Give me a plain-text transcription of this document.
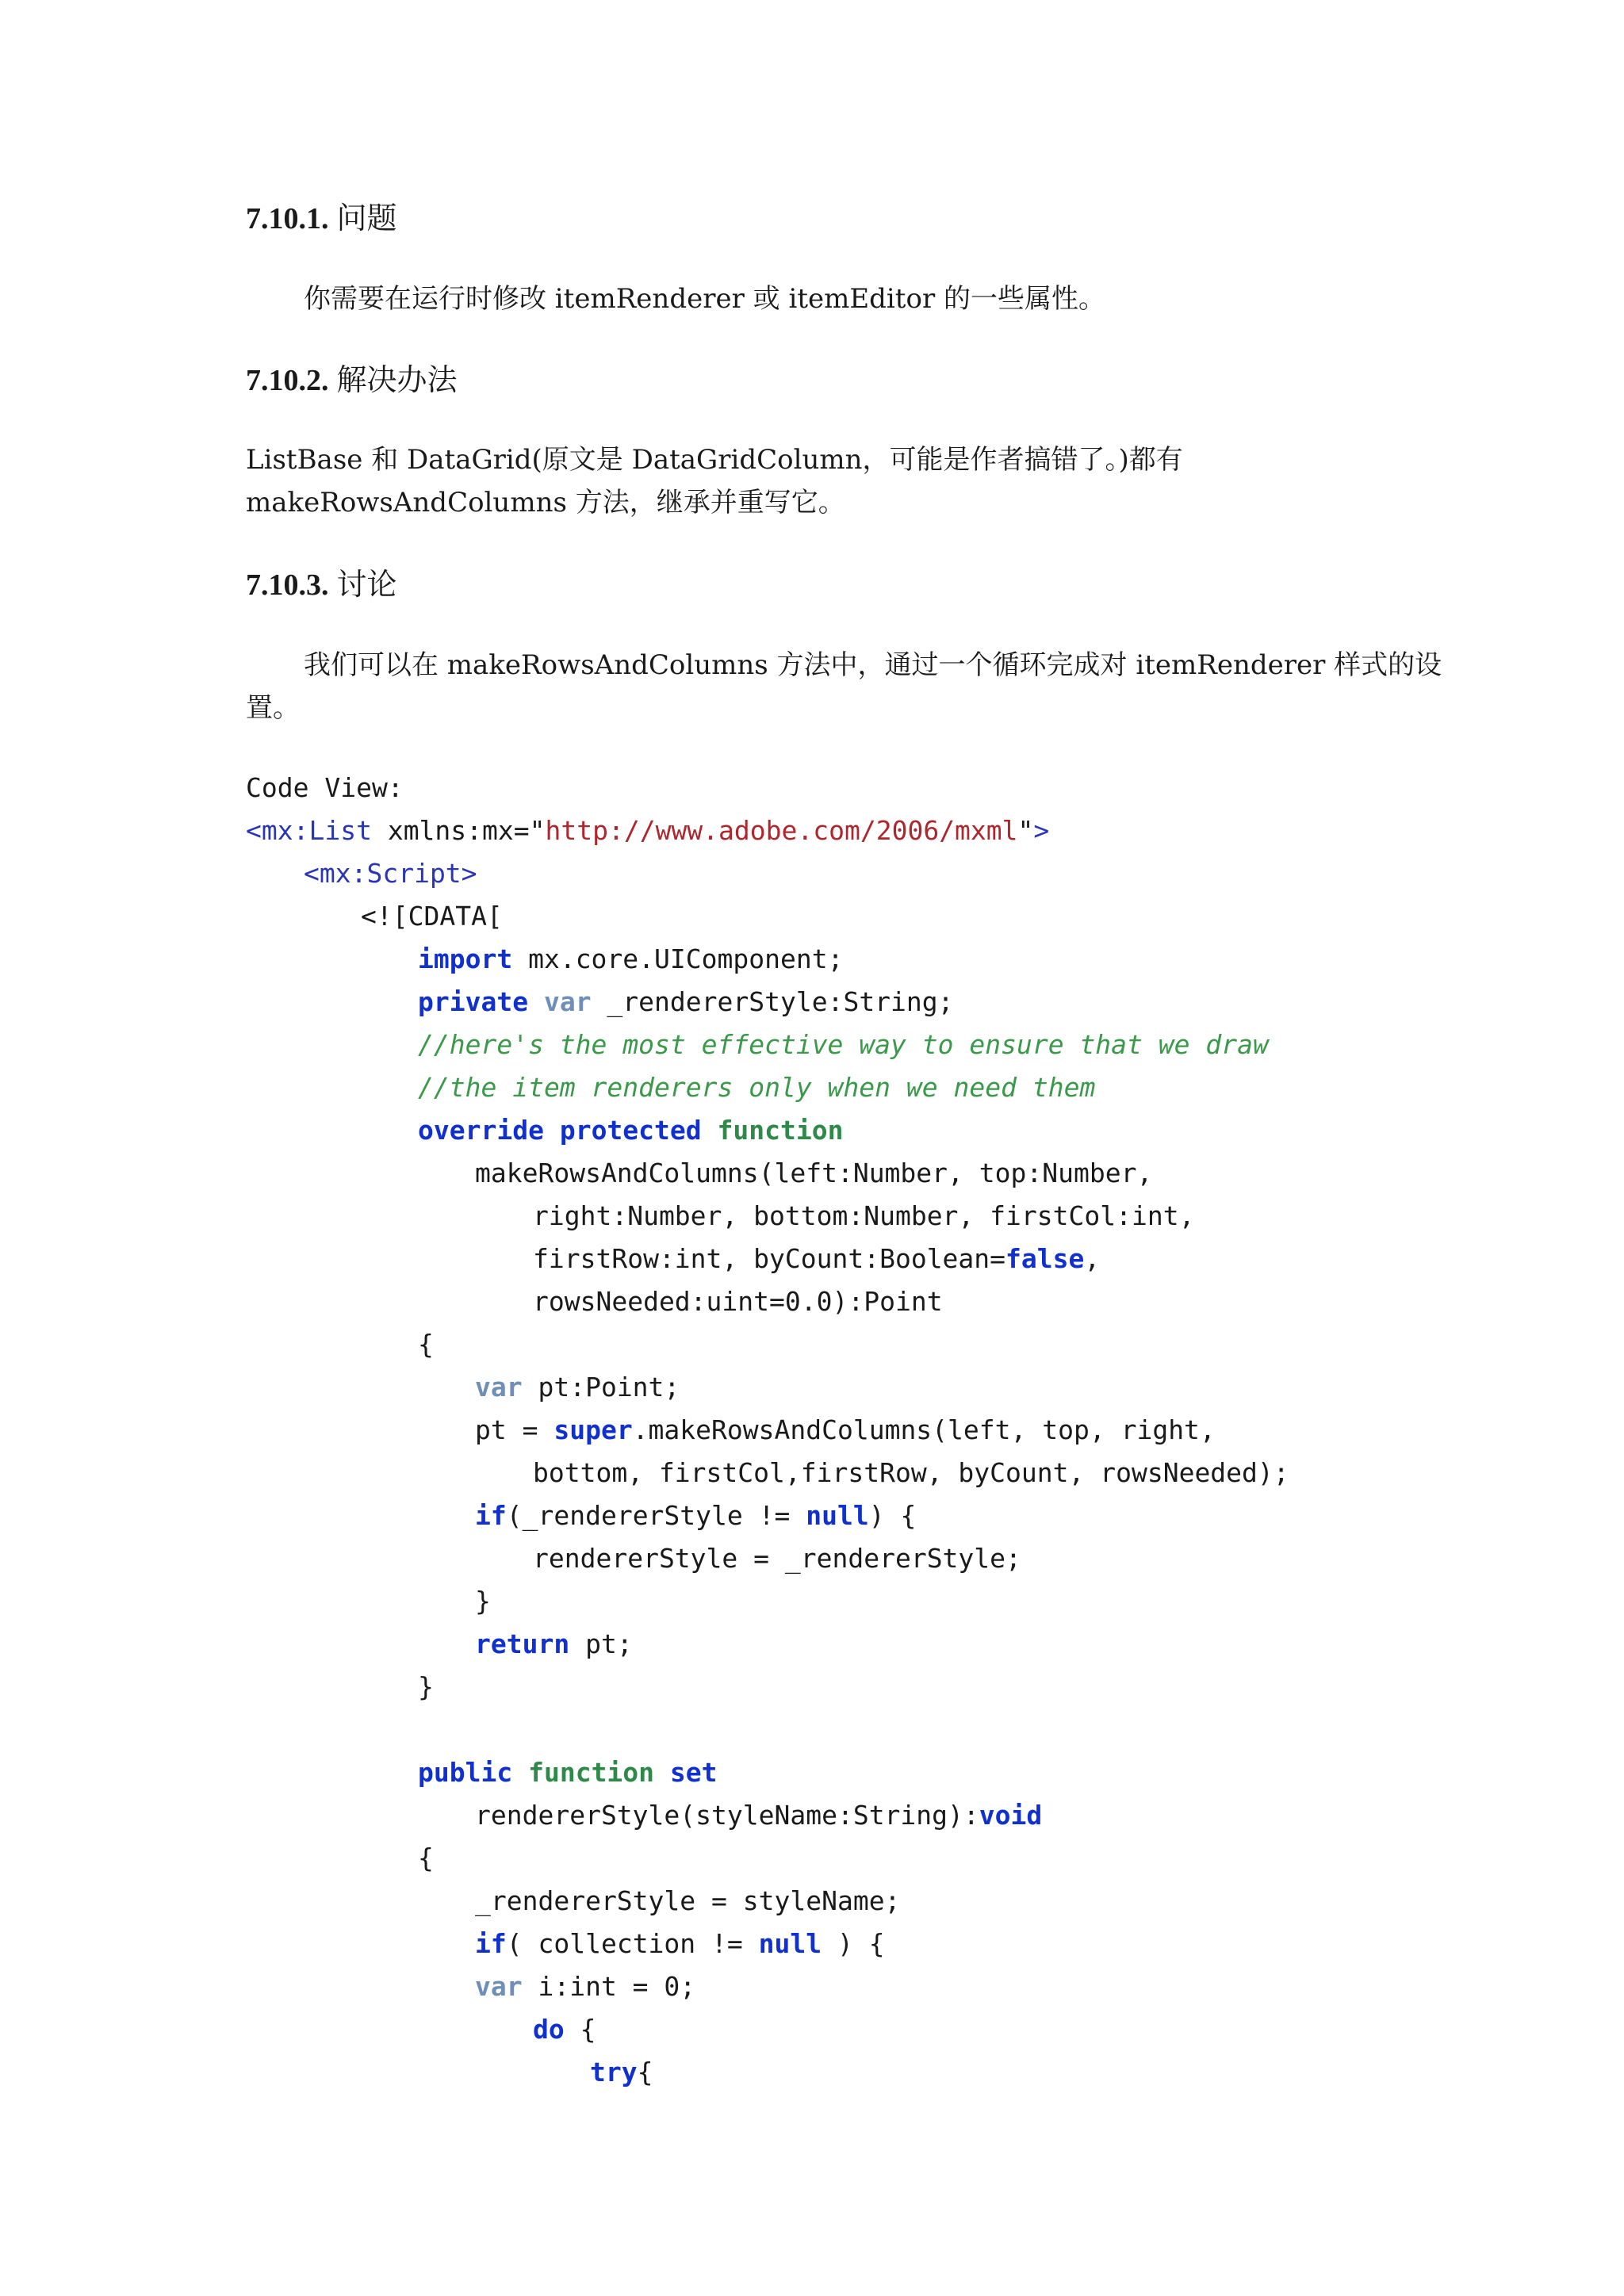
7.10.1. 问题
你需要在运行时修改 itemRenderer 或 itemEditor 的一些属性。
7.10.2. 解决办法
ListBase 和 DataGrid(原文是 DataGridColumn，可能是作者搞错了。)都有
makeRowsAndColumns 方法，继承并重写它。
7.10.3. 讨论
我们可以在 makeRowsAndColumns 方法中，通过一个循环完成对 itemRenderer 样式的设
置。
Code View:
<mx:List xmlns:mx="http://www.adobe.com/2006/mxml">
<mx:Script>
<![CDATA[
import mx.core.UIComponent;
private var _rendererStyle:String;
//here's the most effective way to ensure that we draw
//the item renderers only when we need them
override protected function
makeRowsAndColumns(left:Number, top:Number,
right:Number, bottom:Number, firstCol:int,
firstRow:int, byCount:Boolean=false,
rowsNeeded:uint=0.0):Point
{
var pt:Point;
pt = super.makeRowsAndColumns(left, top, right,
bottom, firstCol,firstRow, byCount, rowsNeeded);
if(_rendererStyle != null) {
rendererStyle = _rendererStyle;
}
return pt;
}
public function set
rendererStyle(styleName:String):void
{
_rendererStyle = styleName;
if( collection != null ) {
var i:int = 0;
do {
try{
